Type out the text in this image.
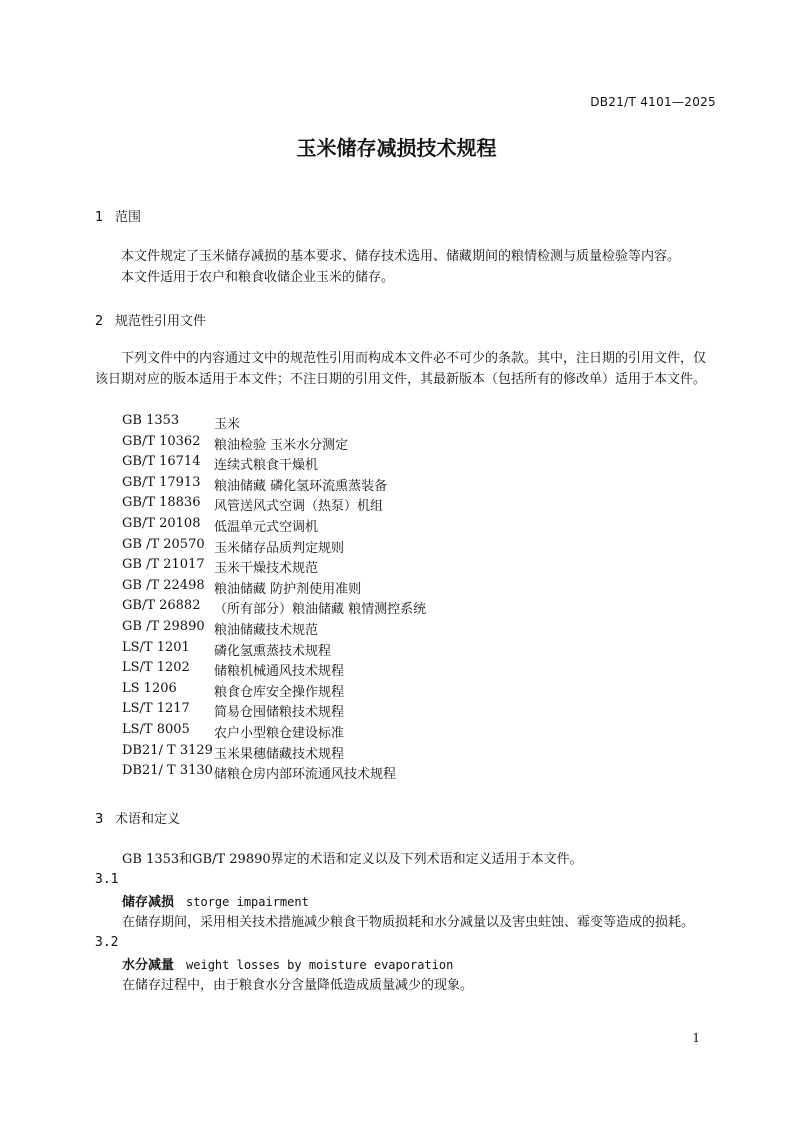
DB21/T 4101—2025
玉米储存减损技术规程
1 范围
本文件规定了玉米储存减损的基本要求、储存技术选用、储藏期间的粮情检测与质量检验等内容。
本文件适用于农户和粮食收储企业玉米的储存。
2 规范性引用文件
下列文件中的内容通过文中的规范性引用而构成本文件必不可少的条款。其中，注日期的引用文件，仅该日期对应的版本适用于本文件；不注日期的引用文件，其最新版本（包括所有的修改单）适用于本文件。
GB 1353	玉米
GB/T 10362	粮油检验 玉米水分测定
GB/T 16714	连续式粮食干燥机
GB/T 17913	粮油储藏 磷化氢环流熏蒸装备
GB/T 18836	风管送风式空调（热泵）机组
GB/T 20108	低温单元式空调机
GB /T 20570 玉米储存品质判定规则
GB /T 21017 玉米干燥技术规范
GB /T 22498 粮油储藏 防护剂使用准则
GB/T 26882	（所有部分）粮油储藏 粮情测控系统
GB /T 29890 粮油储藏技术规范
LS/T 1201	磷化氢熏蒸技术规程
LS/T 1202	储粮机械通风技术规程
LS 1206	粮食仓库安全操作规程
LS/T 1217	简易仓囤储粮技术规程
LS/T 8005	农户小型粮仓建设标准
DB21/ T 3129 玉米果穗储藏技术规程
DB21/ T 3130 储粮仓房内部环流通风技术规程
3 术语和定义
GB 1353和GB/T 29890界定的术语和定义以及下列术语和定义适用于本文件。
3.1
储存减损 storge impairment
在储存期间，采用相关技术措施减少粮食干物质损耗和水分减量以及害虫蛀蚀、霉变等造成的损耗。
3.2
水分减量 weight losses by moisture evaporation
在储存过程中，由于粮食水分含量降低造成质量减少的现象。
1
